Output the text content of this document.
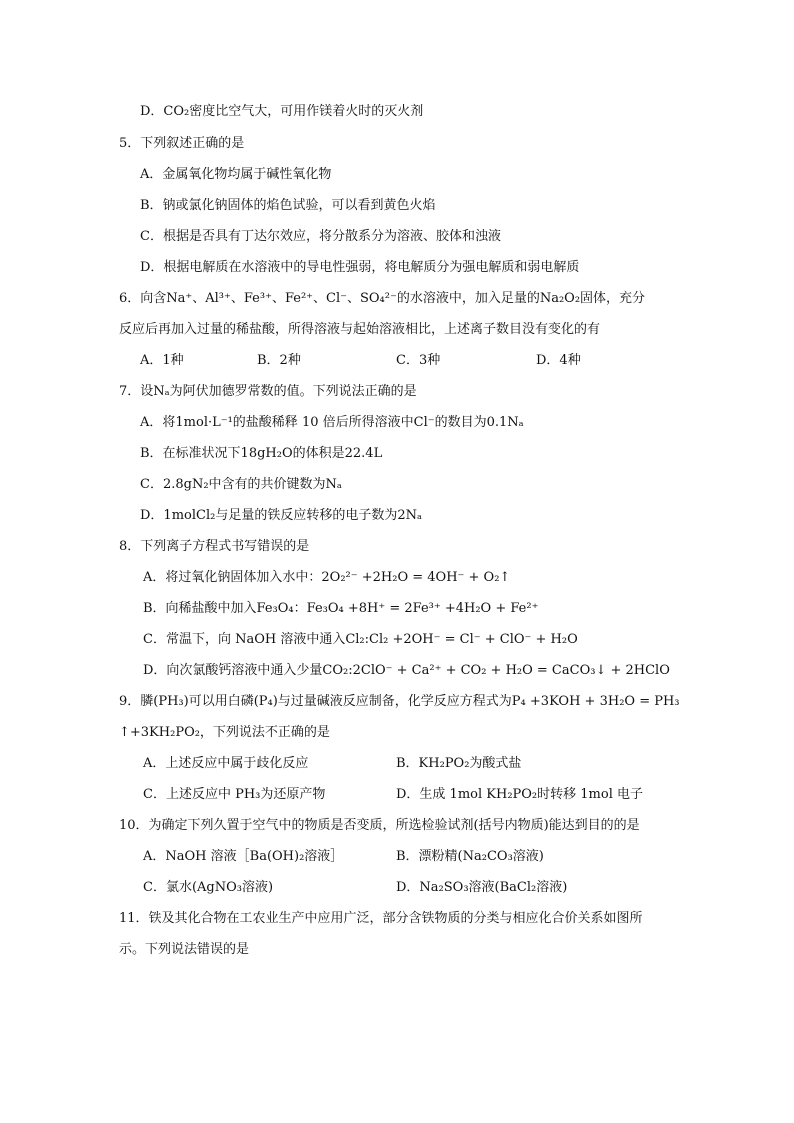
D．CO₂密度比空气大，可用作镁着火时的灭火剂
5．下列叙述正确的是
A．金属氧化物均属于碱性氧化物
B．钠或氯化钠固体的焰色试验，可以看到黄色火焰
C．根据是否具有丁达尔效应，将分散系分为溶液、胶体和浊液
D．根据电解质在水溶液中的导电性强弱，将电解质分为强电解质和弱电解质
6．向含Na⁺、Al³⁺、Fe³⁺、Fe²⁺、Cl⁻、SO₄²⁻的水溶液中，加入足量的Na₂O₂固体，充分
反应后再加入过量的稀盐酸，所得溶液与起始溶液相比，上述离子数目没有变化的有
A．1种	B．2种	C．3种	D．4种
7．设Nₐ为阿伏加德罗常数的值。下列说法正确的是
A．将1mol·L⁻¹的盐酸稀释 10 倍后所得溶液中Cl⁻的数目为0.1Nₐ
B．在标准状况下18gH₂O的体积是22.4L
C．2.8gN₂中含有的共价键数为Nₐ
D．1molCl₂与足量的铁反应转移的电子数为2Nₐ
8．下列离子方程式书写错误的是
A．将过氧化钠固体加入水中：2O₂²⁻ +2H₂O = 4OH⁻ + O₂↑
B．向稀盐酸中加入Fe₃O₄：Fe₃O₄ +8H⁺ = 2Fe³⁺ +4H₂O + Fe²⁺
C．常温下，向 NaOH 溶液中通入Cl₂:Cl₂ +2OH⁻ = Cl⁻ + ClO⁻ + H₂O
D．向次氯酸钙溶液中通入少量CO₂:2ClO⁻ + Ca²⁺ + CO₂ + H₂O = CaCO₃↓ + 2HClO
9．膦(PH₃)可以用白磷(P₄)与过量碱液反应制备，化学反应方程式为P₄ +3KOH + 3H₂O = PH₃
↑+3KH₂PO₂，下列说法不正确的是
A．上述反应中属于歧化反应	B．KH₂PO₂为酸式盐
C．上述反应中 PH₃为还原产物	D．生成 1mol KH₂PO₂时转移 1mol 电子
10．为确定下列久置于空气中的物质是否变质，所选检验试剂(括号内物质)能达到目的的是
A．NaOH 溶液［Ba(OH)₂溶液］	B．漂粉精(Na₂CO₃溶液)
C．氯水(AgNO₃溶液)	D．Na₂SO₃溶液(BaCl₂溶液)
11．铁及其化合物在工农业生产中应用广泛，部分含铁物质的分类与相应化合价关系如图所
示。下列说法错误的是
